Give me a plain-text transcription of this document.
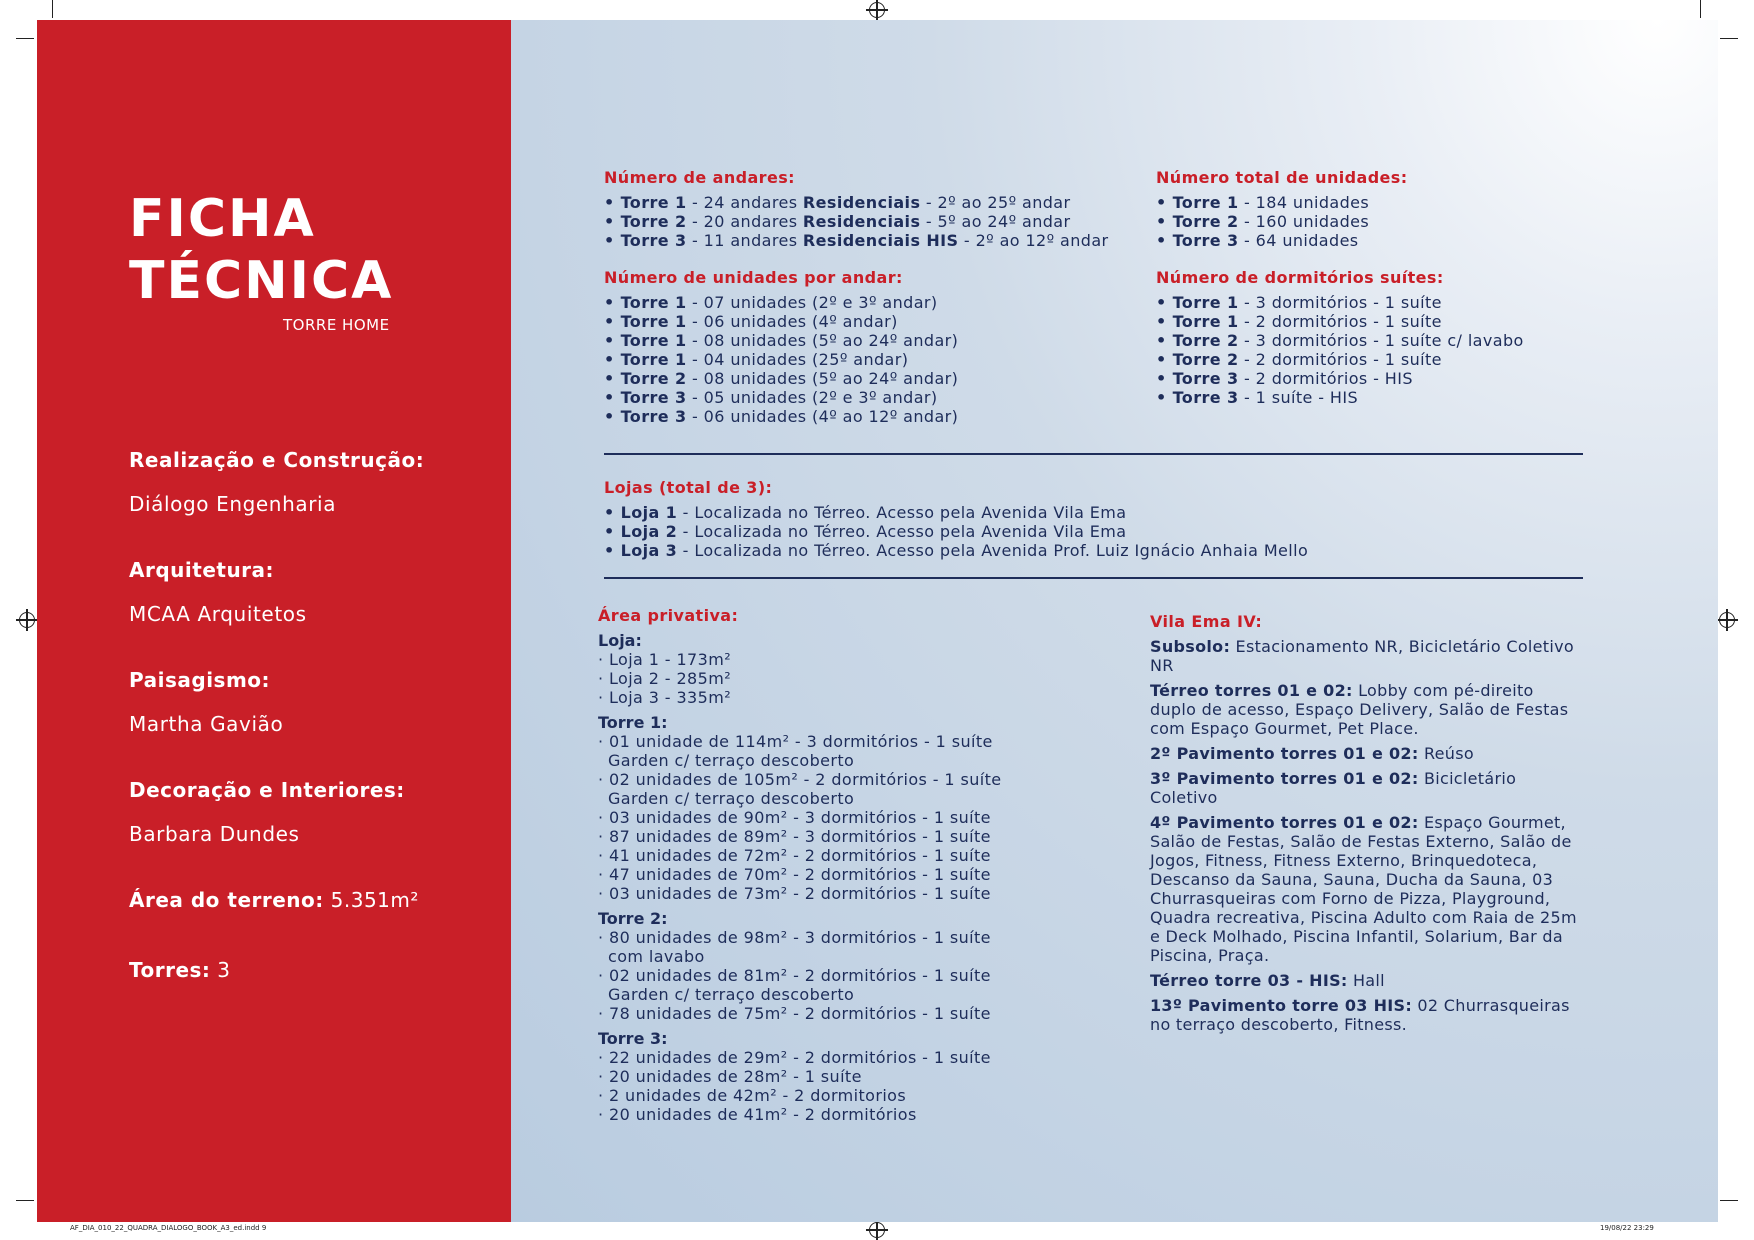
FICHA
TÉCNICA
TORRE HOME
Realização e Construção:
Diálogo Engenharia
Arquitetura:
MCAA Arquitetos
Paisagismo:
Martha Gavião
Decoração e Interiores:
Barbara Dundes
Área do terreno: 5.351m²
Torres: 3
Número de andares:
• Torre 1 - 24 andares Residenciais - 2º ao 25º andar
• Torre 2 - 20 andares Residenciais - 5º ao 24º andar
• Torre 3 - 11 andares Residenciais HIS - 2º ao 12º andar
Número total de unidades:
• Torre 1 - 184 unidades
• Torre 2 - 160 unidades
• Torre 3 - 64 unidades
Número de unidades por andar:
• Torre 1 - 07 unidades (2º e 3º andar)
• Torre 1 - 06 unidades (4º andar)
• Torre 1 - 08 unidades (5º ao 24º andar)
• Torre 1 - 04 unidades (25º andar)
• Torre 2 - 08 unidades (5º ao 24º andar)
• Torre 3 - 05 unidades (2º e 3º andar)
• Torre 3 - 06 unidades (4º ao 12º andar)
Número de dormitórios suítes:
• Torre 1 - 3 dormitórios - 1 suíte
• Torre 1 - 2 dormitórios - 1 suíte
• Torre 2 - 3 dormitórios - 1 suíte c/ lavabo
• Torre 2 - 2 dormitórios - 1 suíte
• Torre 3 - 2 dormitórios - HIS
• Torre 3 - 1 suíte - HIS
Lojas (total de 3):
• Loja 1 - Localizada no Térreo. Acesso pela Avenida Vila Ema
• Loja 2 - Localizada no Térreo. Acesso pela Avenida Vila Ema
• Loja 3 - Localizada no Térreo. Acesso pela Avenida Prof. Luiz Ignácio Anhaia Mello
Área privativa:
Loja:
· Loja 1 - 173m²
· Loja 2 - 285m²
· Loja 3 - 335m²
Torre 1:
· 01 unidade de 114m² - 3 dormitórios - 1 suíte
Garden c/ terraço descoberto
· 02 unidades de 105m² - 2 dormitórios - 1 suíte
Garden c/ terraço descoberto
· 03 unidades de 90m² - 3 dormitórios - 1 suíte
· 87 unidades de 89m² - 3 dormitórios - 1 suíte
· 41 unidades de 72m² - 2 dormitórios - 1 suíte
· 47 unidades de 70m² - 2 dormitórios - 1 suíte
· 03 unidades de 73m² - 2 dormitórios - 1 suíte
Torre 2:
· 80 unidades de 98m² - 3 dormitórios - 1 suíte
com lavabo
· 02 unidades de 81m² - 2 dormitórios - 1 suíte
Garden c/ terraço descoberto
· 78 unidades de 75m² - 2 dormitórios - 1 suíte
Torre 3:
· 22 unidades de 29m² - 2 dormitórios - 1 suíte
· 20 unidades de 28m² - 1 suíte
· 2 unidades de 42m² - 2 dormitorios
· 20 unidades de 41m² - 2 dormitórios
Vila Ema IV:

Subsolo: Estacionamento NR, Bicicletário Coletivo NR

Térreo torres 01 e 02: Lobby com pé-direito duplo de acesso, Espaço Delivery, Salão de Festas com Espaço Gourmet, Pet Place.

2º Pavimento torres 01 e 02: Reúso

3º Pavimento torres 01 e 02: Bicicletário Coletivo

4º Pavimento torres 01 e 02: Espaço Gourmet, Salão de Festas, Salão de Festas Externo, Salão de Jogos, Fitness, Fitness Externo, Brinquedoteca, Descanso da Sauna, Sauna, Ducha da Sauna, 03 Churrasqueiras com Forno de Pizza, Playground, Quadra recreativa, Piscina Adulto com Raia de 25m e Deck Molhado, Piscina Infantil, Solarium, Bar da Piscina, Praça.

Térreo torre 03 - HIS: Hall

13º Pavimento torre 03 HIS: 02 Churrasqueiras no terraço descoberto, Fitness.

AF_DIA_010_22_QUADRA_DIALOGO_BOOK_A3_ed.indd 9	19/08/22 23:29
